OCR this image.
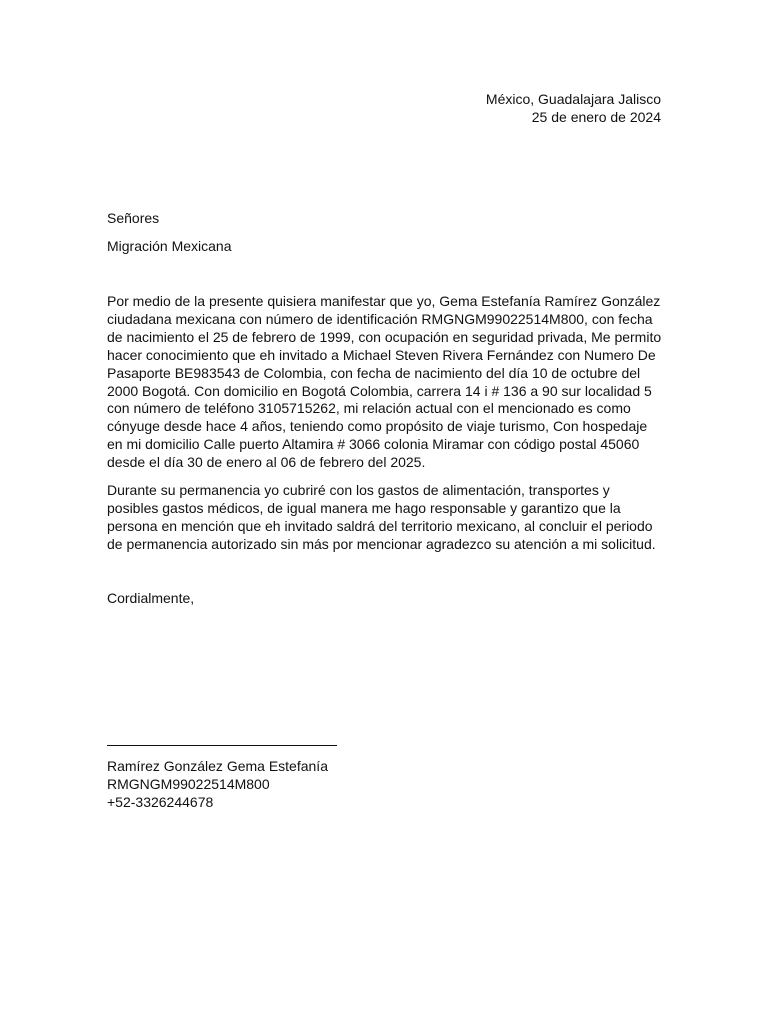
México, Guadalajara Jalisco
25 de enero de 2024
Señores
Migración Mexicana

Por medio de la presente quisiera manifestar que yo, Gema Estefanía Ramírez González ciudadana mexicana con número de identificación RMGNGM99022514M800, con fecha de nacimiento el 25 de febrero de 1999, con ocupación en seguridad privada, Me permito hacer conocimiento que eh invitado a Michael Steven Rivera Fernández con Numero De Pasaporte BE983543 de Colombia, con fecha de nacimiento del día 10 de octubre del 2000 Bogotá. Con domicilio en Bogotá Colombia, carrera 14 i # 136 a 90 sur localidad 5 con número de teléfono 3105715262, mi relación actual con el mencionado es como cónyuge desde hace 4 años, teniendo como propósito de viaje turismo, Con hospedaje en mi domicilio Calle puerto Altamira # 3066 colonia Miramar con código postal 45060 desde el día 30 de enero al 06 de febrero del 2025.

Durante su permanencia yo cubriré con los gastos de alimentación, transportes y posibles gastos médicos, de igual manera me hago responsable y garantizo que la persona en mención que eh invitado saldrá del territorio mexicano, al concluir el periodo de permanencia autorizado sin más por mencionar agradezco su atención a mi solicitud.

Cordialmente,
Ramírez González Gema Estefanía
RMGNGM99022514M800
+52-3326244678
